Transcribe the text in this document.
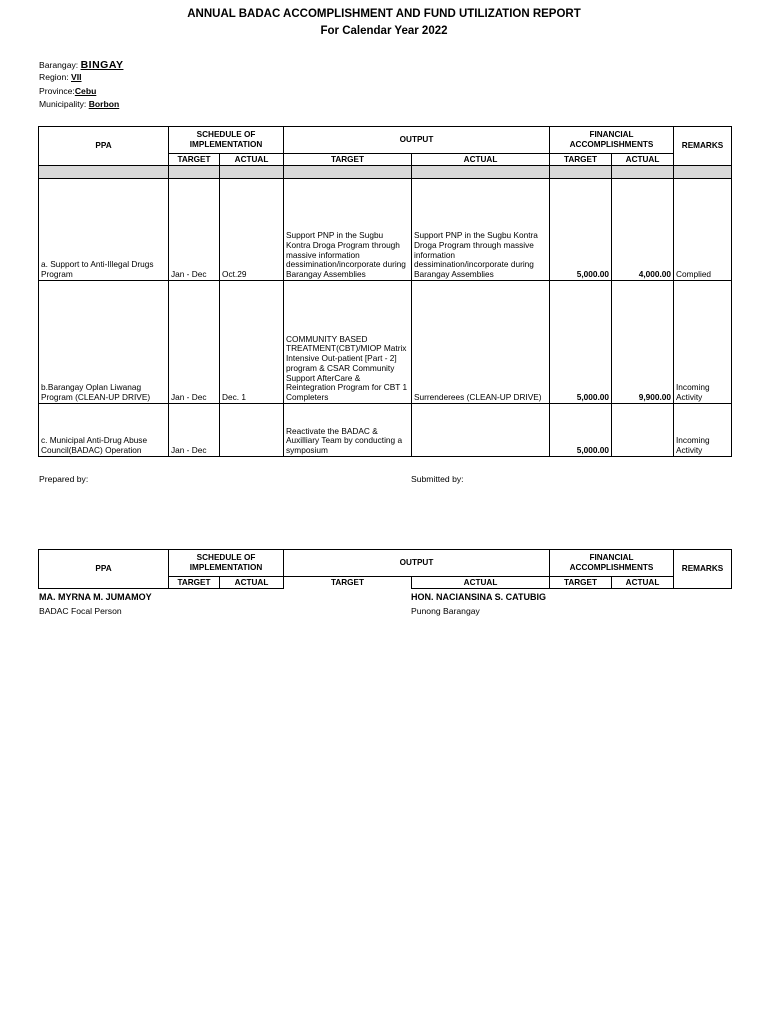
ANNUAL BADAC ACCOMPLISHMENT AND FUND UTILIZATION REPORT
For Calendar Year 2022
Barangay: BINGAY
Region: VII
Province:Cebu
Municipality: Borbon
PPA	SCHEDULE OF IMPLEMENTATION		OUTPUT		FINANCIAL ACCOMPLISHMENTS		REMARKS
	TARGET	ACTUAL	TARGET	ACTUAL	TARGET	ACTUAL	

a. Support to Anti-Illegal Drugs Program	Jan - Dec	Oct.29	Support PNP in the Sugbu Kontra Droga Program through massive information dessimination/incorporate during Barangay Assemblies	Support PNP in the Sugbu Kontra Droga Program through massive information dessimination/incorporate during Barangay Assemblies	5,000.00	4,000.00	Complied
b.Barangay Oplan Liwanag Program (CLEAN-UP DRIVE)	Jan - Dec	Dec. 1	COMMUNITY BASED TREATMENT(CBT)/MIOP Matrix Intensive Out-patient [Part - 2] program & CSAR Community Support AfterCare & Reintegration Program for CBT 1 Completers	Surrenderees (CLEAN-UP DRIVE)	5,000.00	9,900.00	Incoming Activity
c. Municipal Anti-Drug Abuse Council(BADAC) Operation	Jan - Dec		Reactivate the BADAC & Auxilliary Team by conducting a symposium		5,000.00		Incoming Activity
Prepared by:	Submitted by:
PPA	SCHEDULE OF IMPLEMENTATION		OUTPUT		FINANCIAL ACCOMPLISHMENTS		REMARKS
	TARGET	ACTUAL	TARGET	ACTUAL	TARGET	ACTUAL	
MA. MYRNA M. JUMAMOY
BADAC Focal Person
HON. NACIANSINA S. CATUBIG
Punong Barangay
